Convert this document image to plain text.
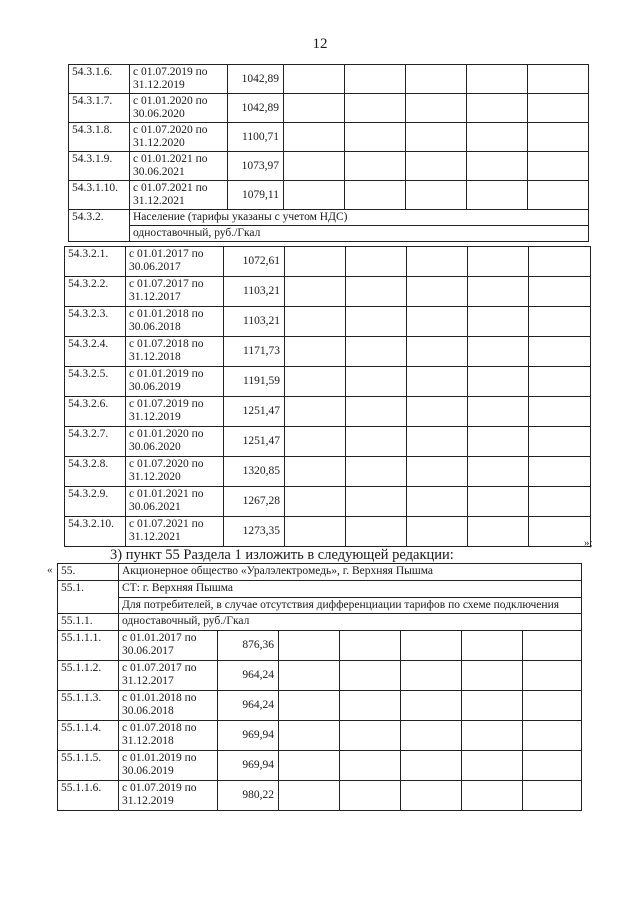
12
54.3.1.6.	с 01.07.2019 по 31.12.2019	1042,89					
54.3.1.7.	с 01.01.2020 по 30.06.2020	1042,89					
54.3.1.8.	с 01.07.2020 по 31.12.2020	1100,71					
54.3.1.9.	с 01.01.2021 по 30.06.2021	1073,97					
54.3.1.10.	с 01.07.2021 по 31.12.2021	1079,11					
54.3.2.	Население (тарифы указаны с учетом НДС)						
	одноставочный, руб./Гкал						
54.3.2.1.	с 01.01.2017 по 30.06.2017	1072,61					
54.3.2.2.	с 01.07.2017 по 31.12.2017	1103,21					
54.3.2.3.	с 01.01.2018 по 30.06.2018	1103,21					
54.3.2.4.	с 01.07.2018 по 31.12.2018	1171,73					
54.3.2.5.	с 01.01.2019 по 30.06.2019	1191,59					
54.3.2.6.	с 01.07.2019 по 31.12.2019	1251,47					
54.3.2.7.	с 01.01.2020 по 30.06.2020	1251,47					
54.3.2.8.	с 01.07.2020 по 31.12.2020	1320,85					
54.3.2.9.	с 01.01.2021 по 30.06.2021	1267,28					
54.3.2.10.	с 01.07.2021 по 31.12.2021	1273,35					
»;
3) пункт 55 Раздела 1 изложить в следующей редакции:
« 55.	Акционерное общество «Уралэлектромедь», г. Верхняя Пышма						
55.1.	СТ: г. Верхняя Пышма						
	Для потребителей, в случае отсутствия дифференциации тарифов по схеме подключения						
55.1.1.	одноставочный, руб./Гкал						
55.1.1.1.	с 01.01.2017 по 30.06.2017	876,36					
55.1.1.2.	с 01.07.2017 по 31.12.2017	964,24					
55.1.1.3.	с 01.01.2018 по 30.06.2018	964,24					
55.1.1.4.	с 01.07.2018 по 31.12.2018	969,94					
55.1.1.5.	с 01.01.2019 по 30.06.2019	969,94					
55.1.1.6.	с 01.07.2019 по 31.12.2019	980,22					
